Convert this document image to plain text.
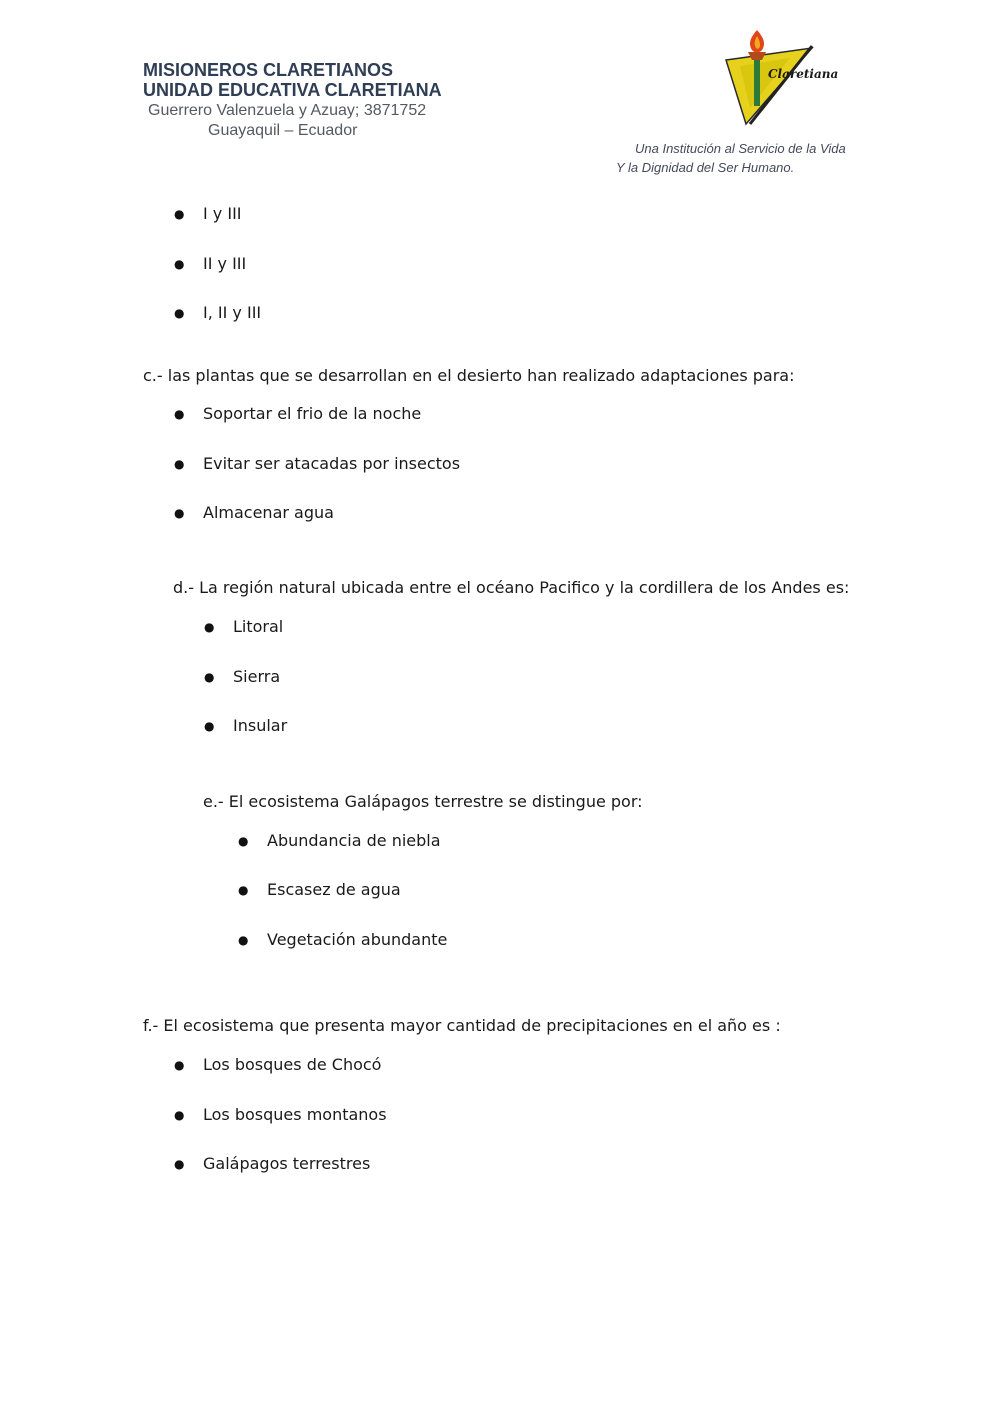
MISIONEROS CLARETIANOS

UNIDAD EDUCATIVA CLARETIANA

Guerrero Valenzuela y Azuay; 3871752

Guayaquil – Ecuador

Claretiana
Una Institución al Servicio de la Vida
Y la Dignidad del Ser Humano.
● I y III

● II y III

● I, II y III

c.- las plantas que se desarrollan en el desierto han realizado adaptaciones para:

● Soportar el frio de la noche

● Evitar ser atacadas por insectos

● Almacenar agua

d.- La región natural ubicada entre el océano Pacifico y la cordillera de los Andes es:

● Litoral

● Sierra

● Insular

e.- El ecosistema Galápagos terrestre se distingue por:

● Abundancia de niebla

● Escasez de agua

● Vegetación abundante

f.- El ecosistema que presenta mayor cantidad de precipitaciones en el año es :

● Los bosques de Chocó

● Los bosques montanos

● Galápagos terrestres
